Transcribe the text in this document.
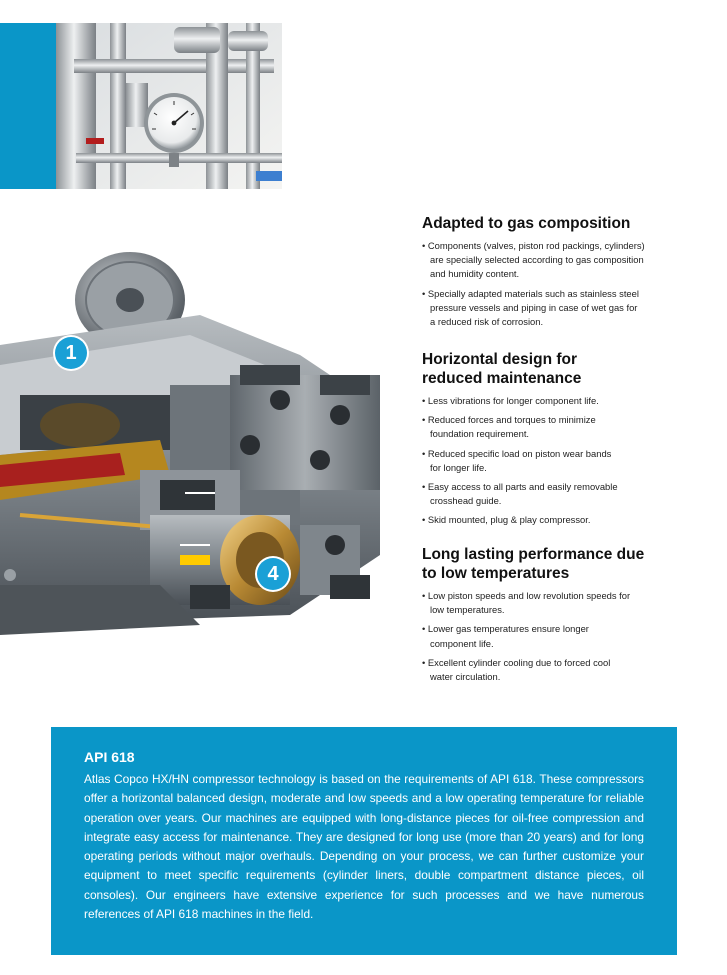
1
4
Adapted to gas composition
• Components (valves, piston rod packings, cylinders)
are specially selected according to gas composition
and humidity content.
• Specially adapted materials such as stainless steel
pressure vessels and piping in case of wet gas for
a reduced risk of corrosion.
Horizontal design for
reduced maintenance
• Less vibrations for longer component life.
• Reduced forces and torques to minimize
foundation requirement.
• Reduced specific load on piston wear bands
for longer life.
• Easy access to all parts and easily removable
crosshead guide.
• Skid mounted, plug & play compressor.
Long lasting performance due
to low temperatures
• Low piston speeds and low revolution speeds for
low temperatures.
• Lower gas temperatures ensure longer
component life.
• Excellent cylinder cooling due to forced cool
water circulation.
API 618

Atlas Copco HX/HN compressor technology is based on the requirements of API 618. These compressors offer a horizontal balanced design, moderate and low speeds and a low operating temperature for reliable operation over years. Our machines are equipped with long-distance pieces for oil-free compression and integrate easy access for maintenance. They are designed for long use (more than 20 years) and for long operating periods without major overhauls. Depending on your process, we can further customize your equipment to meet specific requirements (cylinder liners, double compartment distance pieces, oil consoles). Our engineers have extensive experience for such processes and we have numerous references of API 618 machines in the field.
